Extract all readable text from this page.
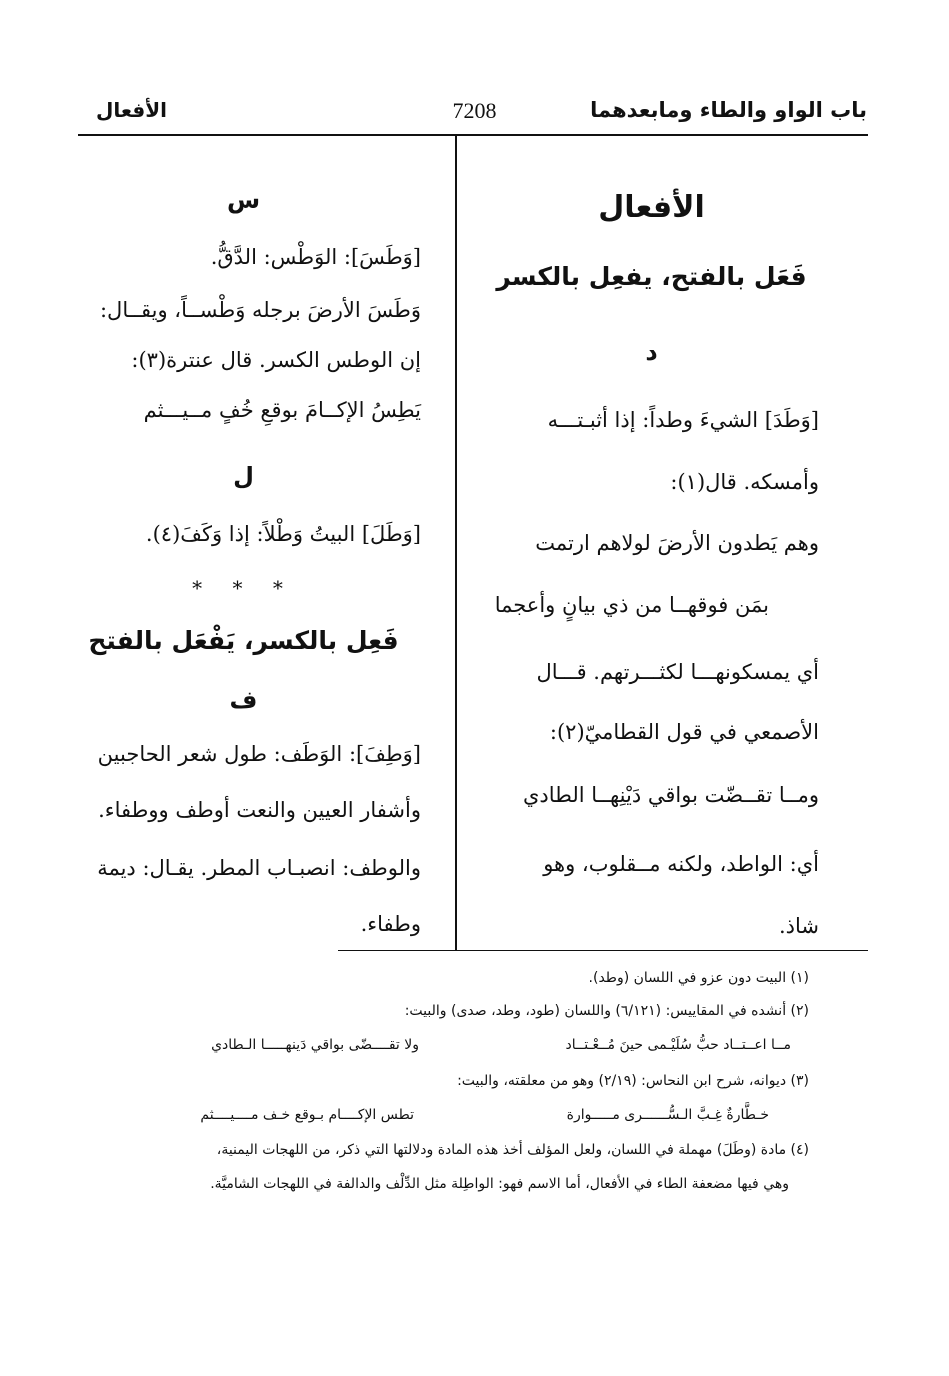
باب الواو والطاء ومابعدهما
7208
الأفعال
الأفعال
فَعَل بالفتح، يفعِل بالكسر
د
[وَطَدَ] الشيءَ وطداً: إذا أثبـتـــه
وأمسكه. قال(١):
وهم يَطدون الأرضَ لولاهم ارتمت
بمَن فوقهــا من ذي بيانٍ وأعجما
أي يمسكونهـــا لكثـــرتهم. قـــال
الأصمعي في قول القطاميّ(٢):
ومــا تقــضّت بواقي دَيْنِهــا الطادي
أي: الواطد، ولكنه مــقلوب، وهو
شاذ.
س
[وَطَسَ]: الوَطْس: الدَّقُّ.
وَطَسَ الأرضَ برجله وَطْســاً، ويقــال:
إن الوطس الكسر. قال عنترة(٣):
يَطِسُ الإكــامَ بوقعِ خُفٍ مــيـــثم
ل
[وَطَلَ] البيتُ وَطْلاً: إذا وَكَفَ(٤).
* * *
فَعِل بالكسر، يَفْعَل بالفتح
ف
[وَطِفَ]: الوَطَف: طول شعر الحاجبين
وأشفار العيين والنعت أوطف ووطفاء.
والوطف: انصبـاب المطر. يقـال: ديمة
وطفاء.
(١) البيت دون عزو في اللسان (وطد).
(٢) أنشده في المقاييس: (٦/١٢١) واللسان (طود، وطد، صدى) والبيت:
مــا اعــتــاد حبُّ سُلَيْـمى حينَ مُــعْـتــاد
ولا تقــــضّى بواقي دَينهـــــا الـطادي
(٣) ديوانه، شرح ابن النحاس: (٢/١٩) وهو من معلقته، والبيت:
خـطَّارةٌ غِـبَّ الـسُّــــــرى مـــــوارة
تطس الإكــــام بـوقع خـف مــــيــــثم
(٤) مادة (وطَلَ) مهملة في اللسان، ولعل المؤلف أخذ هذه المادة ودلالتها التي ذكر، من اللهجات اليمنية،
وهي فيها مضعفة الطاء في الأفعال، أما الاسم فهو: الواطِلة مثل الدِّلْف والدالفة في اللهجات الشاميَّة.
